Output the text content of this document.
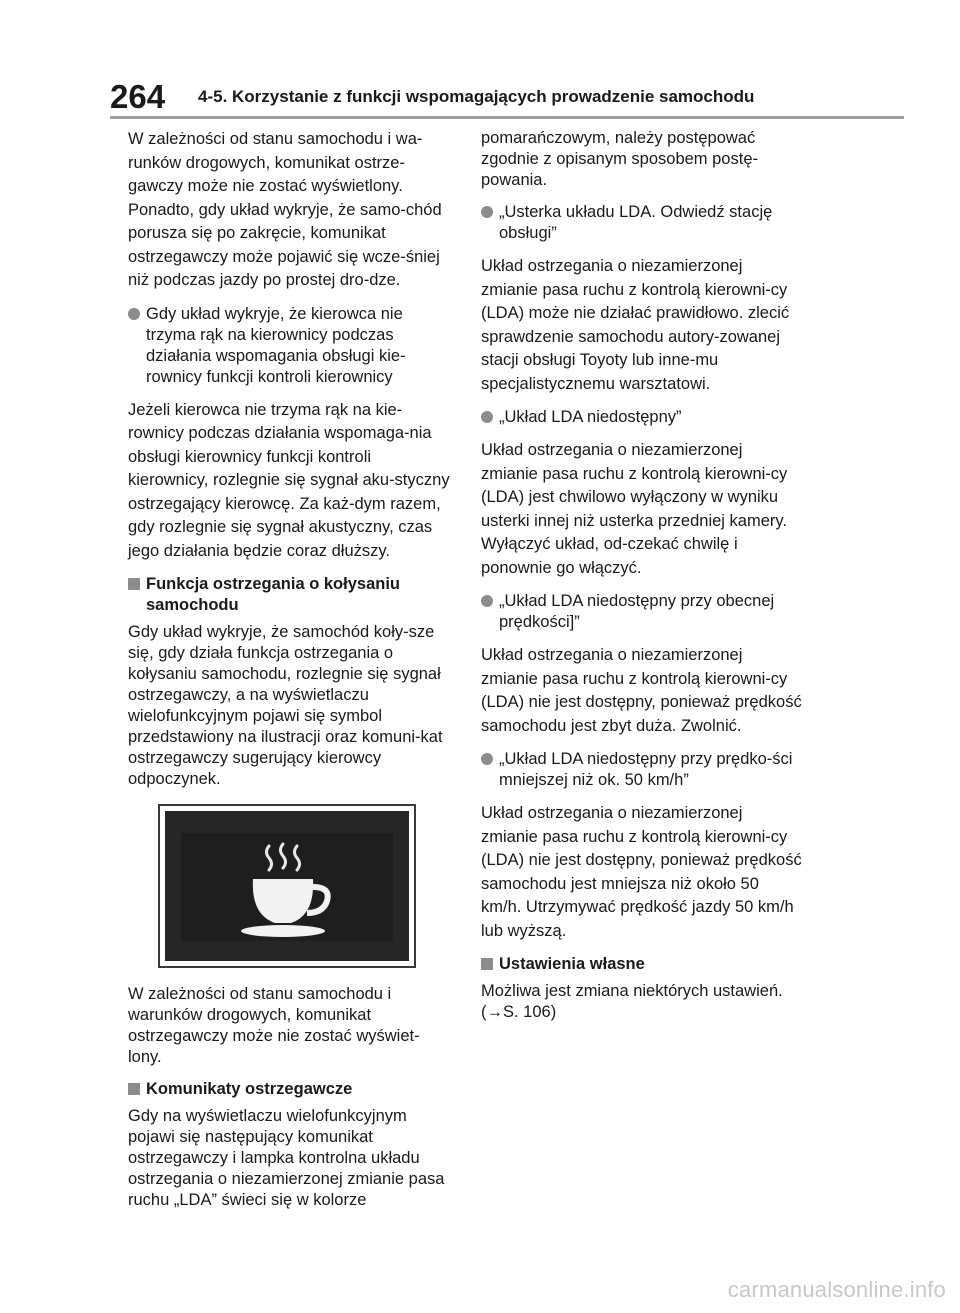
264 4-5. Korzystanie z funkcji wspomagających prowadzenie samochodu

W zależności od stanu samochodu i wa-runków drogowych, komunikat ostrze-gawczy może nie zostać wyświetlony. Ponadto, gdy układ wykryje, że samo-chód porusza się po zakręcie, komunikat ostrzegawczy może pojawić się wcze-śniej niż podczas jazdy po prostej dro-dze.

Gdy układ wykryje, że kierowca nie trzyma rąk na kierownicy podczas działania wspomagania obsługi kie-rownicy funkcji kontroli kierownicy

Jeżeli kierowca nie trzyma rąk na kie-rownicy podczas działania wspomaga-nia obsługi kierownicy funkcji kontroli kierownicy, rozlegnie się sygnał aku-styczny ostrzegający kierowcę. Za każ-dym razem, gdy rozlegnie się sygnał akustyczny, czas jego działania będzie coraz dłuższy.

Funkcja ostrzegania o kołysaniu samochodu

Gdy układ wykryje, że samochód koły-sze się, gdy działa funkcja ostrzegania o kołysaniu samochodu, rozlegnie się sygnał ostrzegawczy, a na wyświetlaczu wielofunkcyjnym pojawi się symbol przedstawiony na ilustracji oraz komuni-kat ostrzegawczy sugerujący kierowcy odpoczynek.

W zależności od stanu samochodu i warunków drogowych, komunikat ostrzegawczy może nie zostać wyświet-lony.

Komunikaty ostrzegawcze

Gdy na wyświetlaczu wielofunkcyjnym pojawi się następujący komunikat ostrzegawczy i lampka kontrolna układu ostrzegania o niezamierzonej zmianie pasa ruchu „LDA” świeci się w kolorze

pomarańczowym, należy postępować zgodnie z opisanym sposobem postę-powania.

„Usterka układu LDA. Odwiedź stację obsługi”

Układ ostrzegania o niezamierzonej zmianie pasa ruchu z kontrolą kierowni-cy (LDA) może nie działać prawidłowo. zlecić sprawdzenie samochodu autory-zowanej stacji obsługi Toyoty lub inne-mu specjalistycznemu warsztatowi.

„Układ LDA niedostępny”

Układ ostrzegania o niezamierzonej zmianie pasa ruchu z kontrolą kierowni-cy (LDA) jest chwilowo wyłączony w wyniku usterki innej niż usterka przedniej kamery. Wyłączyć układ, od-czekać chwilę i ponownie go włączyć.

„Układ LDA niedostępny przy obecnej prędkości]”

Układ ostrzegania o niezamierzonej zmianie pasa ruchu z kontrolą kierowni-cy (LDA) nie jest dostępny, ponieważ prędkość samochodu jest zbyt duża. Zwolnić.

„Układ LDA niedostępny przy prędko-ści mniejszej niż ok. 50 km/h”

Układ ostrzegania o niezamierzonej zmianie pasa ruchu z kontrolą kierowni-cy (LDA) nie jest dostępny, ponieważ prędkość samochodu jest mniejsza niż około 50 km/h. Utrzymywać prędkość jazdy 50 km/h lub wyższą.

Ustawienia własne

Możliwa jest zmiana niektórych ustawień. (→S. 106)

carmanualsonline.info
